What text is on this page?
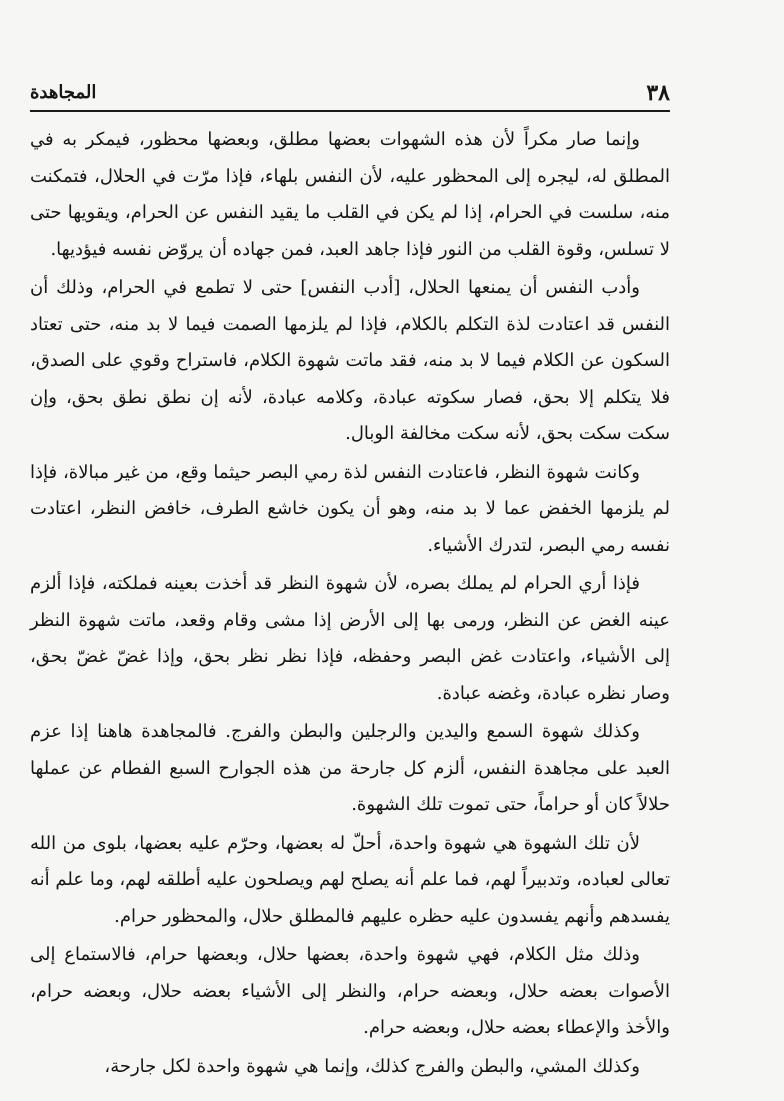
٣٨
المجاهدة

وإنما صار مكراً لأن هذه الشهوات بعضها مطلق، وبعضها محظور، فيمكر به في المطلق له، ليجره إلى المحظور عليه، لأن النفس بلهاء، فإذا مرّت في الحلال، فتمكنت منه، سلست في الحرام، إذا لم يكن في القلب ما يقيد النفس عن الحرام، ويقويها حتى لا تسلس، وقوة القلب من النور فإذا جاهد العبد، فمن جهاده أن يروّض نفسه فيؤديها.

وأدب النفس أن يمنعها الحلال، [أدب النفس] حتى لا تطمع في الحرام، وذلك أن النفس قد اعتادت لذة التكلم بالكلام، فإذا لم يلزمها الصمت فيما لا بد منه، حتى تعتاد السكون عن الكلام فيما لا بد منه، فقد ماتت شهوة الكلام، فاستراح وقوي على الصدق، فلا يتكلم إلا بحق، فصار سكوته عبادة، وكلامه عبادة، لأنه إن نطق نطق بحق، وإن سكت سكت بحق، لأنه سكت مخالفة الوبال.

وكانت شهوة النظر، فاعتادت النفس لذة رمي البصر حيثما وقع، من غير مبالاة، فإذا لم يلزمها الخفض عما لا بد منه، وهو أن يكون خاشع الطرف، خافض النظر، اعتادت نفسه رمي البصر، لتدرك الأشياء.

فإذا أري الحرام لم يملك بصره، لأن شهوة النظر قد أخذت بعينه فملكته، فإذا ألزم عينه الغض عن النظر، ورمى بها إلى الأرض إذا مشى وقام وقعد، ماتت شهوة النظر إلى الأشياء، واعتادت غض البصر وحفظه، فإذا نظر نظر بحق، وإذا غضّ غضّ بحق، وصار نظره عبادة، وغضه عبادة.

وكذلك شهوة السمع واليدين والرجلين والبطن والفرج. فالمجاهدة هاهنا إذا عزم العبد على مجاهدة النفس، ألزم كل جارحة من هذه الجوارح السبع الفطام عن عملها حلالاً كان أو حراماً، حتى تموت تلك الشهوة.

لأن تلك الشهوة هي شهوة واحدة، أحلّ له بعضها، وحرّم عليه بعضها، بلوى من الله تعالى لعباده، وتدبيراً لهم، فما علم أنه يصلح لهم ويصلحون عليه أطلقه لهم، وما علم أنه يفسدهم وأنهم يفسدون عليه حظره عليهم فالمطلق حلال، والمحظور حرام.

وذلك مثل الكلام، فهي شهوة واحدة، بعضها حلال، وبعضها حرام، فالاستماع إلى الأصوات بعضه حلال، وبعضه حرام، والنظر إلى الأشياء بعضه حلال، وبعضه حرام، والأخذ والإعطاء بعضه حلال، وبعضه حرام.

وكذلك المشي، والبطن والفرج كذلك، وإنما هي شهوة واحدة لكل جارحة،
